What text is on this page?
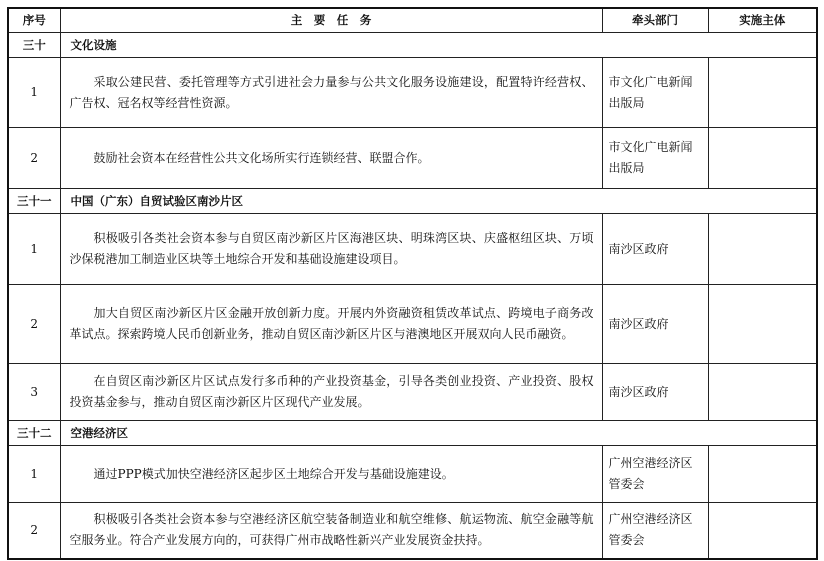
序号	主　要　任　务	牵头部门	实施主体
三十	文化设施		
1	采取公建民营、委托管理等方式引进社会力量参与公共文化服务设施建设，配置特许经营权、广告权、冠名权等经营性资源。	市文化广电新闻出版局	
2	鼓励社会资本在经营性公共文化场所实行连锁经营、联盟合作。	市文化广电新闻出版局	
三十一	中国（广东）自贸试验区南沙片区		
1	积极吸引各类社会资本参与自贸区南沙新区片区海港区块、明珠湾区块、庆盛枢纽区块、万顷沙保税港加工制造业区块等土地综合开发和基础设施建设项目。	南沙区政府	
2	加大自贸区南沙新区片区金融开放创新力度。开展内外资融资租赁改革试点、跨境电子商务改革试点。探索跨境人民币创新业务，推动自贸区南沙新区片区与港澳地区开展双向人民币融资。	南沙区政府	
3	在自贸区南沙新区片区试点发行多币种的产业投资基金，引导各类创业投资、产业投资、股权投资基金参与，推动自贸区南沙新区片区现代产业发展。	南沙区政府	
三十二	空港经济区		
1	通过PPP模式加快空港经济区起步区土地综合开发与基础设施建设。	广州空港经济区管委会	
2	积极吸引各类社会资本参与空港经济区航空装备制造业和航空维修、航运物流、航空金融等航空服务业。符合产业发展方向的，可获得广州市战略性新兴产业发展资金扶持。	广州空港经济区管委会	
